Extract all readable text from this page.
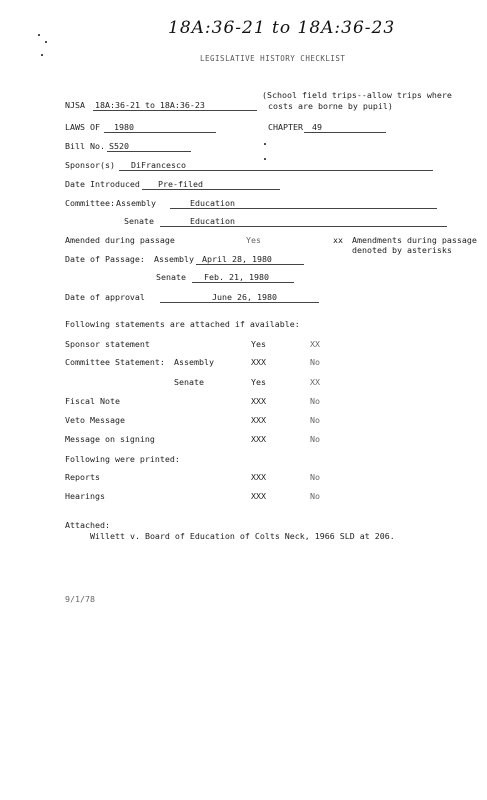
18A:36-21 to 18A:36-23
LEGISLATIVE HISTORY CHECKLIST
NJSA 18A:36-21 to 18A:36-23
(School field trips--allow trips where
costs are borne by pupil)
LAWS OF	1980	CHAPTER	49
Bill No. S520
Sponsor(s)	DiFrancesco
Date Introduced	Pre-filed
Committee: Assembly	Education
Senate	Education
Amended during passage	Yes	xx Amendments during passage
denoted by asterisks
Date of Passage: Assembly April 28, 1980
Senate	Feb. 21, 1980
Date of approval	June 26, 1980
Following statements are attached if available:
Sponsor statement	Yes	XX
Committee Statement: Assembly	XXX	No
Senate	Yes	XX
Fiscal Note	XXX	No
Veto Message	XXX	No
Message on signing	XXX	No
Following were printed:
Reports	XXX	No
Hearings	XXX	No
Attached:
Willett v. Board of Education of Colts Neck, 1966 SLD at 206.
9/1/78
